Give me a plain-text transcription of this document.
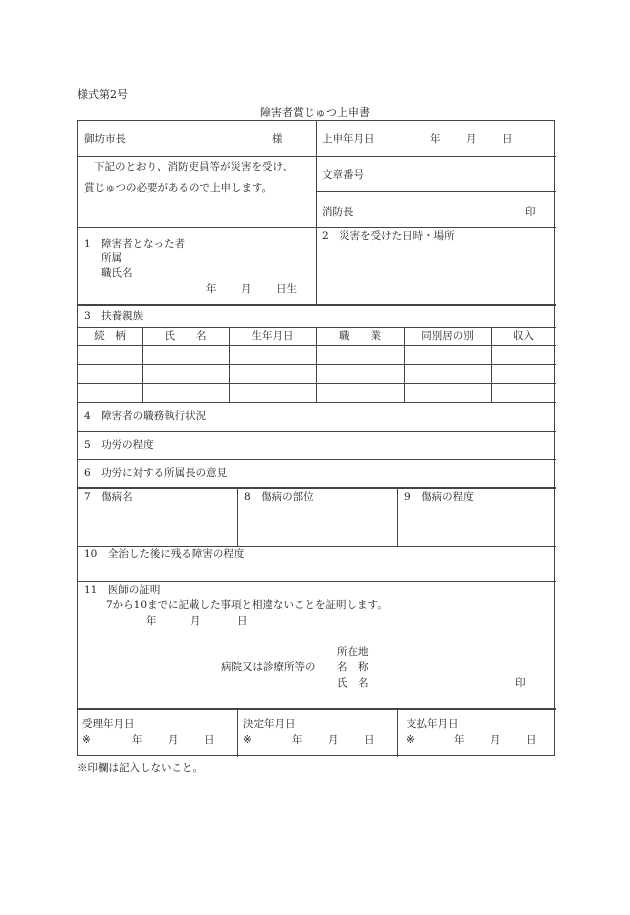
様式第2号
障害者賞じゅつ上申書
御坊市長	様	上申年月日	年 月 日
下記のとおり、消防吏員等が災害を受け、
賞じゅつの必要があるので上申します。
文章番号
消防長	印
1　障害者となった者
所属
職氏名
年 月 日生
2　災害を受けた日時・場所
3　扶養親族
続　柄	氏　　名	生年月日	職　　業	同別居の別	収入
4　障害者の職務執行状況
5　功労の程度
6　功労に対する所属長の意見
7　傷病名	8　傷病の部位	9　傷病の程度
10　全治した後に残る障害の程度
11　医師の証明
7から10までに記載した事項と相違ないことを証明します。
年	月	日
所在地
病院又は診療所等の 名　称
氏　名	印
受理年月日
※	年 月 日
決定年月日
※	年 月 日
支払年月日
※	年 月 日
※印欄は記入しないこと。
